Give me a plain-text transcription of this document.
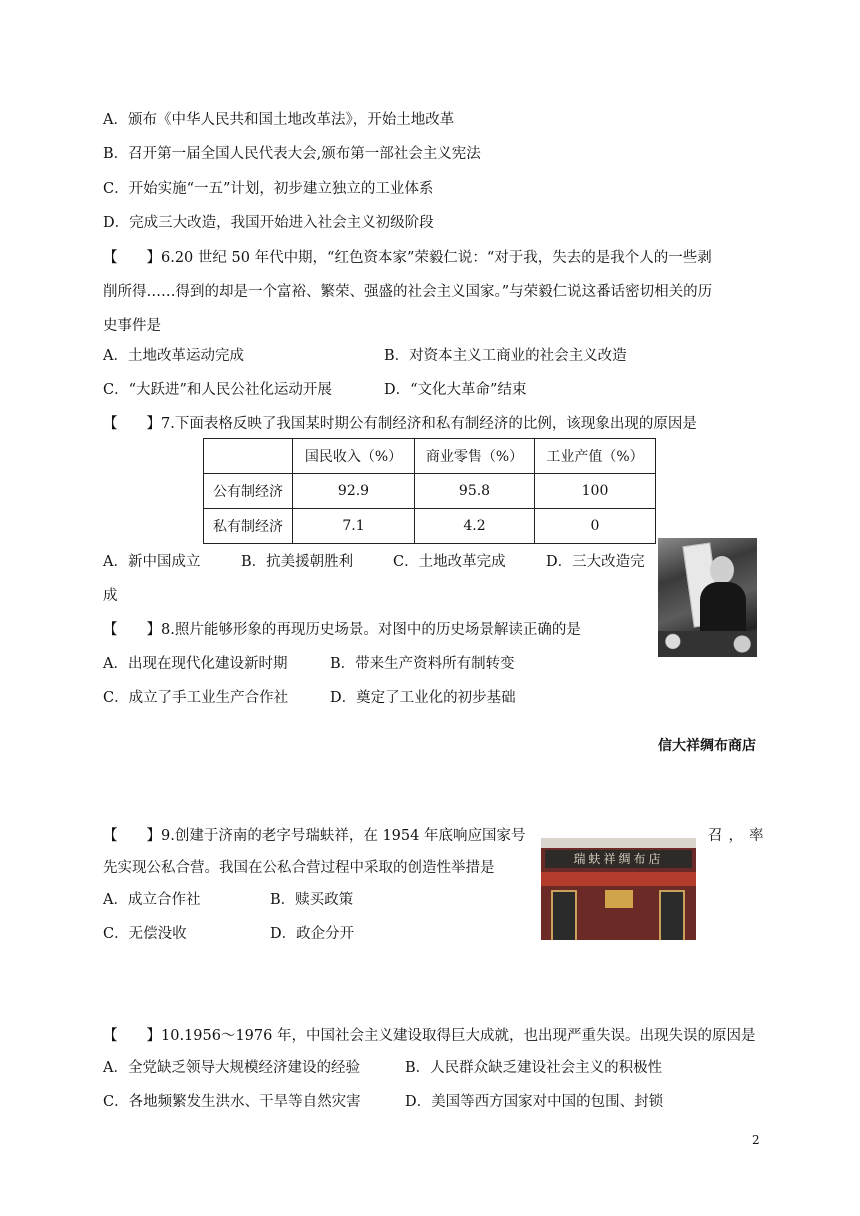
A．颁布《中华人民共和国土地改革法》，开始土地改革
B．召开第一届全国人民代表大会,颁布第一部社会主义宪法
C．开始实施“一五”计划，初步建立独立的工业体系
D．完成三大改造，我国开始进入社会主义初级阶段
【　　】6.20 世纪 50 年代中期，“红色资本家”荣毅仁说：“对于我，失去的是我个人的一些剥
削所得……得到的却是一个富裕、繁荣、强盛的社会主义国家。”与荣毅仁说这番话密切相关的历
史事件是
A．土地改革运动完成	B．对资本主义工商业的社会主义改造
C．“大跃进”和人民公社化运动开展	D．“文化大革命”结束
【　　】7.下面表格反映了我国某时期公有制经济和私有制经济的比例，该现象出现的原因是
	国民收入（%）	商业零售（%）	工业产值（%）
公有制经济	92.9	95.8	100
私有制经济	7.1	4.2	0
A．新中国成立	B．抗美援朝胜利	C．土地改革完成	D．三大改造完
成
【　　】8.照片能够形象的再现历史场景。对图中的历史场景解读正确的是
A．出现在现代化建设新时期	B．带来生产资料所有制转变
C．成立了手工业生产合作社	D．奠定了工业化的初步基础
信大祥绸布商店
【　　】9.创建于济南的老字号瑞蚨祥，在 1954 年底响应国家号	召，率
先实现公私合营。我国在公私合营过程中采取的创造性举措是
A．成立合作社	B．赎买政策
C．无偿没收	D．政企分开
瑞蚨祥绸布店
【　　】10.1956～1976 年，中国社会主义建设取得巨大成就，也出现严重失误。出现失误的原因是
A．全党缺乏领导大规模经济建设的经验	B．人民群众缺乏建设社会主义的积极性
C．各地频繁发生洪水、干旱等自然灾害	D．美国等西方国家对中国的包围、封锁
2
